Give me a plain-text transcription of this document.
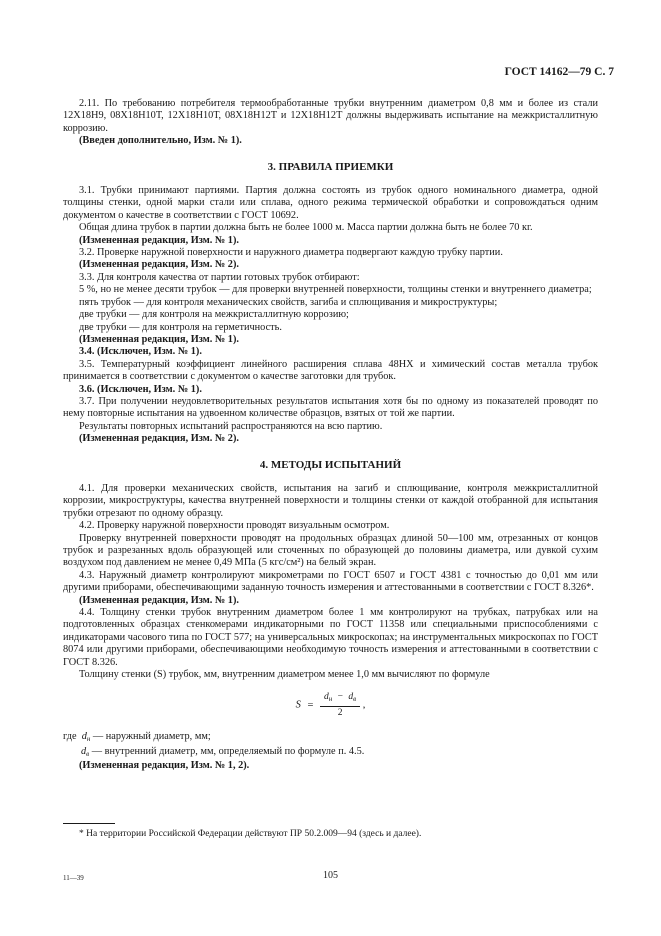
ГОСТ 14162—79 С. 7

2.11. По требованию потребителя термообработанные трубки внутренним диаметром 0,8 мм и более из стали 12Х18Н9, 08Х18Н10Т, 12Х18Н10Т, 08Х18Н12Т и 12Х18Н12Т должны выдерживать испытание на межкристаллитную коррозию.

(Введен дополнительно, Изм. № 1).

3. ПРАВИЛА ПРИЕМКИ

3.1. Трубки принимают партиями. Партия должна состоять из трубок одного номинального диаметра, одной толщины стенки, одной марки стали или сплава, одного режима термической обработки и сопровождаться одним документом о качестве в соответствии с ГОСТ 10692.

Общая длина трубок в партии должна быть не более 1000 м. Масса партии должна быть не более 70 кг.

(Измененная редакция, Изм. № 1).

3.2. Проверке наружной поверхности и наружного диаметра подвергают каждую трубку партии.

(Измененная редакция, Изм. № 2).

3.3. Для контроля качества от партии готовых трубок отбирают:

5 %, но не менее десяти трубок — для проверки внутренней поверхности, толщины стенки и внутреннего диаметра;

пять трубок — для контроля механических свойств, загиба и сплющивания и микроструктуры;

две трубки — для контроля на межкристаллитную коррозию;

две трубки — для контроля на герметичность.

(Измененная редакция, Изм. № 1).

3.4. (Исключен, Изм. № 1).

3.5. Температурный коэффициент линейного расширения сплава 48НХ и химический состав металла трубок принимается в соответствии с документом о качестве заготовки для трубок.

3.6. (Исключен, Изм. № 1).

3.7. При получении неудовлетворительных результатов испытания хотя бы по одному из показателей проводят по нему повторные испытания на удвоенном количестве образцов, взятых от той же партии.

Результаты повторных испытаний распространяются на всю партию.

(Измененная редакция, Изм. № 2).

4. МЕТОДЫ ИСПЫТАНИЙ

4.1. Для проверки механических свойств, испытания на загиб и сплющивание, контроля межкристаллитной коррозии, микроструктуры, качества внутренней поверхности и толщины стенки от каждой отобранной для испытания трубки отрезают по одному образцу.

4.2. Проверку наружной поверхности проводят визуальным осмотром.

Проверку внутренней поверхности проводят на продольных образцах длиной 50—100 мм, отрезанных от концов трубок и разрезанных вдоль образующей или сточенных по образующей до половины диаметра, или дувкой сухим воздухом под давлением не менее 0,49 МПа (5 кгс/см²) на белый экран.

4.3. Наружный диаметр контролируют микрометрами по ГОСТ 6507 и ГОСТ 4381 с точностью до 0,01 мм или другими приборами, обеспечивающими заданную точность измерения и аттестованными в соответствии с ГОСТ 8.326*.

(Измененная редакция, Изм. № 1).

4.4. Толщину стенки трубок внутренним диаметром более 1 мм контролируют на трубках, патрубках или на подготовленных образцах стенкомерами индикаторными по ГОСТ 11358 или специальными приспособлениями с индикаторами часового типа по ГОСТ 577; на универсальных микроскопах; на инструментальных микроскопах по ГОСТ 8074 или другими приборами, обеспечивающими необходимую точность измерения и аттестованными в соответствии с ГОСТ 8.326.

Толщину стенки (S) трубок, мм, внутренним диаметром менее 1,0 мм вычисляют по формуле

$S = \frac{d_н - d_в}{2}$ ,

где $d_н$ — наружный диаметр, мм;

$d_в$ — внутренний диаметр, мм, определяемый по формуле п. 4.5.

(Измененная редакция, Изм. № 1, 2).

* На территории Российской Федерации действуют ПР 50.2.009—94 (здесь и далее).
11—39	105
